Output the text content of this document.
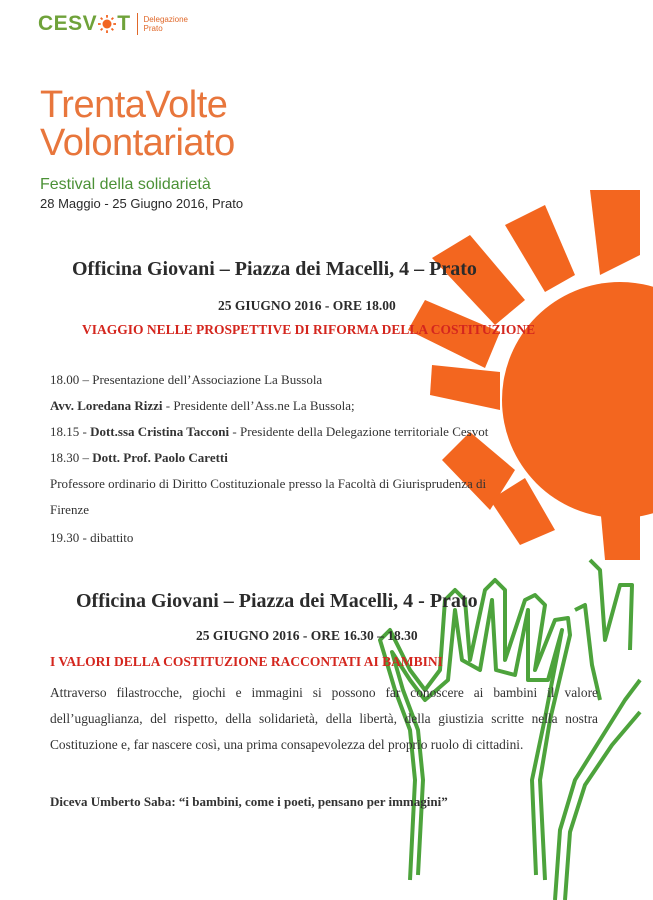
CESV T Delegazione
Prato
TrentaVolte
Volontariato
Festival della solidarietà
28 Maggio - 25 Giugno 2016, Prato
Officina Giovani – Piazza dei Macelli, 4 – Prato
25 GIUGNO 2016 - ORE 18.00
VIAGGIO NELLE PROSPETTIVE DI RIFORMA DELLA COSTITUZIONE
18.00 – Presentazione dell’Associazione La Bussola
Avv. Loredana Rizzi - Presidente dell’Ass.ne La Bussola;
18.15 - Dott.ssa Cristina Tacconi - Presidente della Delegazione territoriale Cesvot
18.30 – Dott. Prof. Paolo Caretti
Professore ordinario di Diritto Costituzionale presso la Facoltà di Giurisprudenza di
Firenze
19.30 - dibattito
Officina Giovani – Piazza dei Macelli, 4 - Prato
25 GIUGNO 2016 - ORE 16.30 – 18.30
I VALORI DELLA COSTITUZIONE RACCONTATI AI BAMBINI
Attraverso filastrocche, giochi e immagini si possono far conoscere ai bambini il valore dell’uguaglianza, del rispetto, della solidarietà, della libertà, della giustizia scritte nella nostra Costituzione e, far nascere così, una prima consapevolezza del proprio ruolo di cittadini.
Diceva Umberto Saba: “i bambini, come i poeti, pensano per immagini”
